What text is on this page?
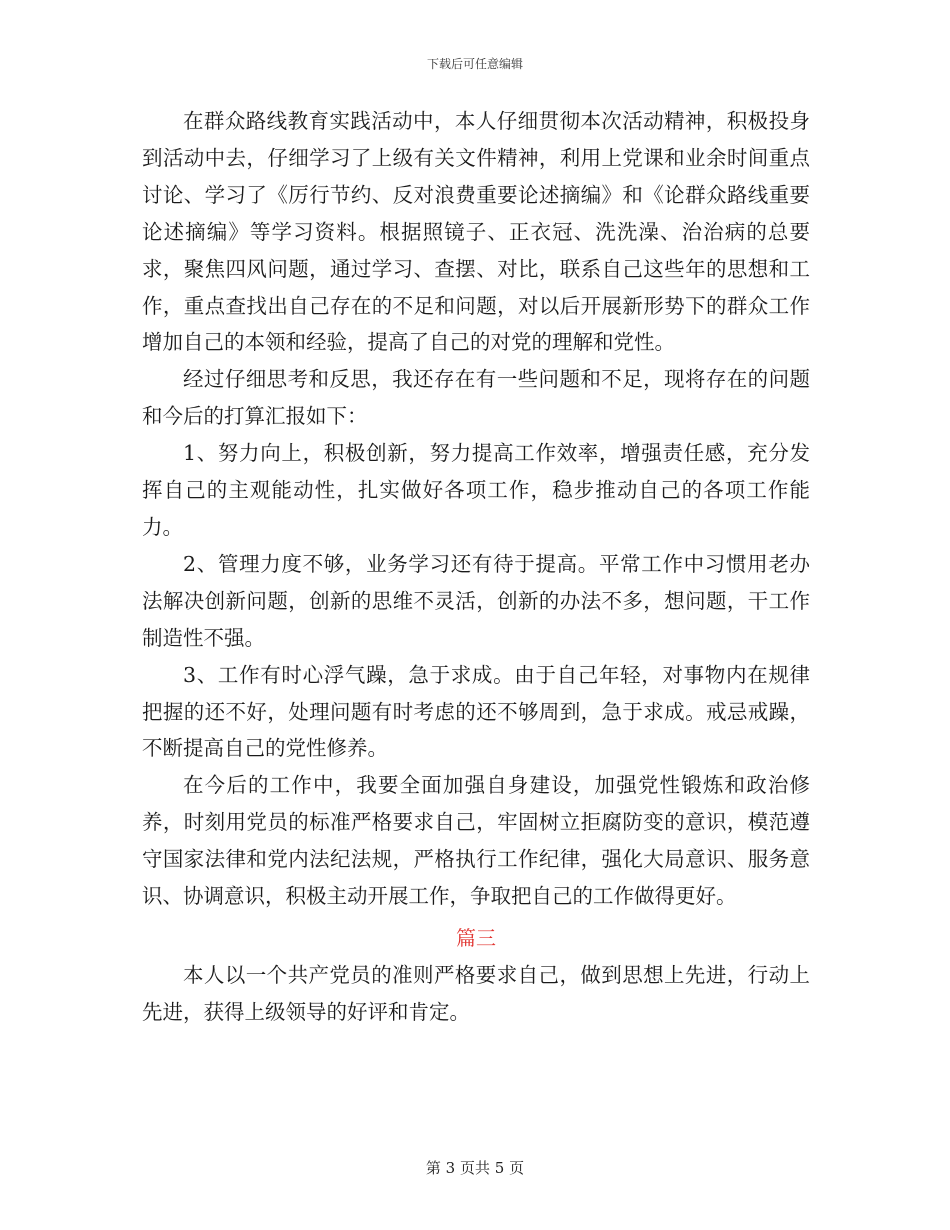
下载后可任意编辑

在群众路线教育实践活动中，本人仔细贯彻本次活动精神，积极投身到活动中去，仔细学习了上级有关文件精神，利用上党课和业余时间重点讨论、学习了《厉行节约、反对浪费重要论述摘编》和《论群众路线重要论述摘编》等学习资料。根据照镜子、正衣冠、洗洗澡、治治病的总要求，聚焦四风问题，通过学习、查摆、对比，联系自己这些年的思想和工作，重点查找出自己存在的不足和问题，对以后开展新形势下的群众工作增加自己的本领和经验，提高了自己的对党的理解和党性。

经过仔细思考和反思，我还存在有一些问题和不足，现将存在的问题和今后的打算汇报如下：

1、努力向上，积极创新，努力提高工作效率，增强责任感，充分发挥自己的主观能动性，扎实做好各项工作，稳步推动自己的各项工作能力。

2、管理力度不够，业务学习还有待于提高。平常工作中习惯用老办法解决创新问题，创新的思维不灵活，创新的办法不多，想问题，干工作制造性不强。

3、工作有时心浮气躁，急于求成。由于自己年轻，对事物内在规律把握的还不好，处理问题有时考虑的还不够周到，急于求成。戒忌戒躁，不断提高自己的党性修养。

在今后的工作中，我要全面加强自身建设，加强党性锻炼和政治修养，时刻用党员的标准严格要求自己，牢固树立拒腐防变的意识，模范遵守国家法律和党内法纪法规，严格执行工作纪律，强化大局意识、服务意识、协调意识，积极主动开展工作，争取把自己的工作做得更好。

篇三

本人以一个共产党员的准则严格要求自己，做到思想上先进，行动上先进，获得上级领导的好评和肯定。

第 3 页共 5 页
